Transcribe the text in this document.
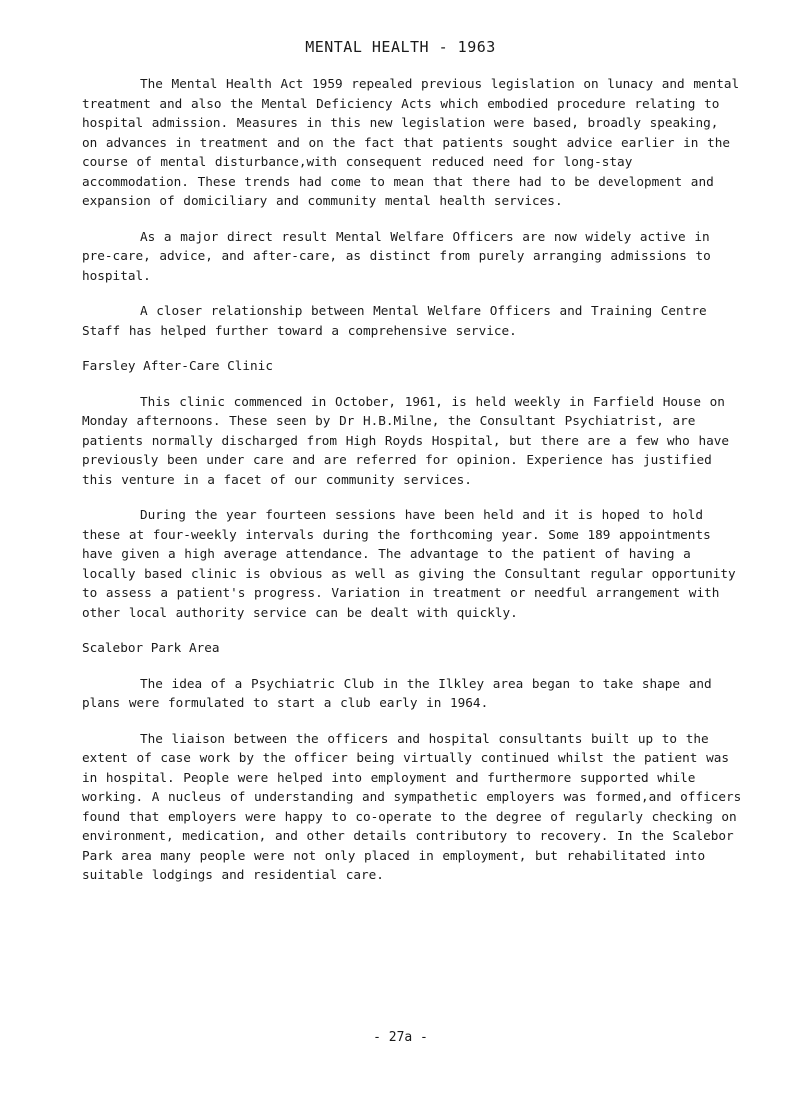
MENTAL HEALTH - 1963

The Mental Health Act 1959 repealed previous legislation on lunacy and mental treatment and also the Mental Deficiency Acts which embodied procedure relating to hospital admission. Measures in this new legislation were based, broadly speaking, on advances in treatment and on the fact that patients sought advice earlier in the course of mental disturbance,with consequent reduced need for long-stay accommodation. These trends had come to mean that there had to be development and expansion of domiciliary and community mental health services.

As a major direct result Mental Welfare Officers are now widely active in pre-care, advice, and after-care, as distinct from purely arranging admissions to hospital.

A closer relationship between Mental Welfare Officers and Training Centre Staff has helped further toward a comprehensive service.

Farsley After-Care Clinic

This clinic commenced in October, 1961, is held weekly in Farfield House on Monday afternoons. These seen by Dr H.B.Milne, the Consultant Psychiatrist, are patients normally discharged from High Royds Hospital, but there are a few who have previously been under care and are referred for opinion. Experience has justified this venture in a facet of our community services.

During the year fourteen sessions have been held and it is hoped to hold these at four-weekly intervals during the forthcoming year. Some 189 appointments have given a high average attendance. The advantage to the patient of having a locally based clinic is obvious as well as giving the Consultant regular opportunity to assess a patient's progress. Variation in treatment or needful arrangement with other local authority service can be dealt with quickly.

Scalebor Park Area

The idea of a Psychiatric Club in the Ilkley area began to take shape and plans were formulated to start a club early in 1964.

The liaison between the officers and hospital consultants built up to the extent of case work by the officer being virtually continued whilst the patient was in hospital. People were helped into employment and furthermore supported while working. A nucleus of understanding and sympathetic employers was formed,and officers found that employers were happy to co-operate to the degree of regularly checking on environment, medication, and other details contributory to recovery. In the Scalebor Park area many people were not only placed in employment, but rehabilitated into suitable lodgings and residential care.

- 27a -
